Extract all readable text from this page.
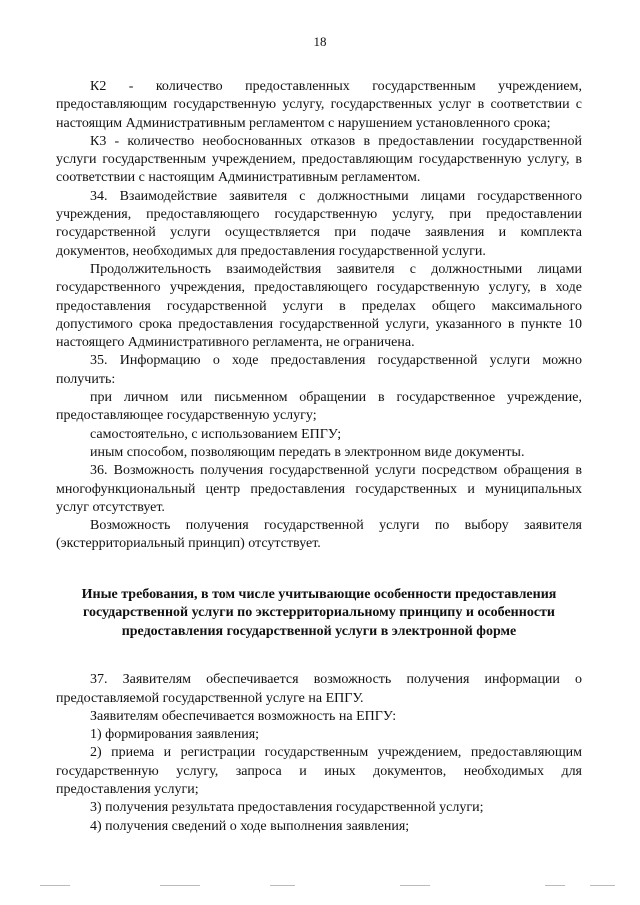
18

К2 - количество предоставленных государственным учреждением, предоставляющим государственную услугу, государственных услуг в соответствии с настоящим Административным регламентом с нарушением установленного срока;

К3 - количество необоснованных отказов в предоставлении государственной услуги государственным учреждением, предоставляющим государственную услугу, в соответствии с настоящим Административным регламентом.

34. Взаимодействие заявителя с должностными лицами государственного учреждения, предоставляющего государственную услугу, при предоставлении государственной услуги осуществляется при подаче заявления и комплекта документов, необходимых для предоставления государственной услуги.

Продолжительность взаимодействия заявителя с должностными лицами государственного учреждения, предоставляющего государственную услугу, в ходе предоставления государственной услуги в пределах общего максимального допустимого срока предоставления государственной услуги, указанного в пункте 10 настоящего Административного регламента, не ограничена.

35. Информацию о ходе предоставления государственной услуги можно получить:

при личном или письменном обращении в государственное учреждение, предоставляющее государственную услугу;

самостоятельно, с использованием ЕПГУ;

иным способом, позволяющим передать в электронном виде документы.

36. Возможность получения государственной услуги посредством обращения в многофункциональный центр предоставления государственных и муниципальных услуг отсутствует.

Возможность получения государственной услуги по выбору заявителя (экстерриториальный принцип) отсутствует.

Иные требования, в том числе учитывающие особенности предоставления государственной услуги по экстерриториальному принципу и особенности предоставления государственной услуги в электронной форме

37. Заявителям обеспечивается возможность получения информации о предоставляемой государственной услуге на ЕПГУ.

Заявителям обеспечивается возможность на ЕПГУ:

1) формирования заявления;

2) приема и регистрации государственным учреждением, предоставляющим государственную услугу, запроса и иных документов, необходимых для предоставления услуги;

3) получения результата предоставления государственной услуги;

4) получения сведений о ходе выполнения заявления;
